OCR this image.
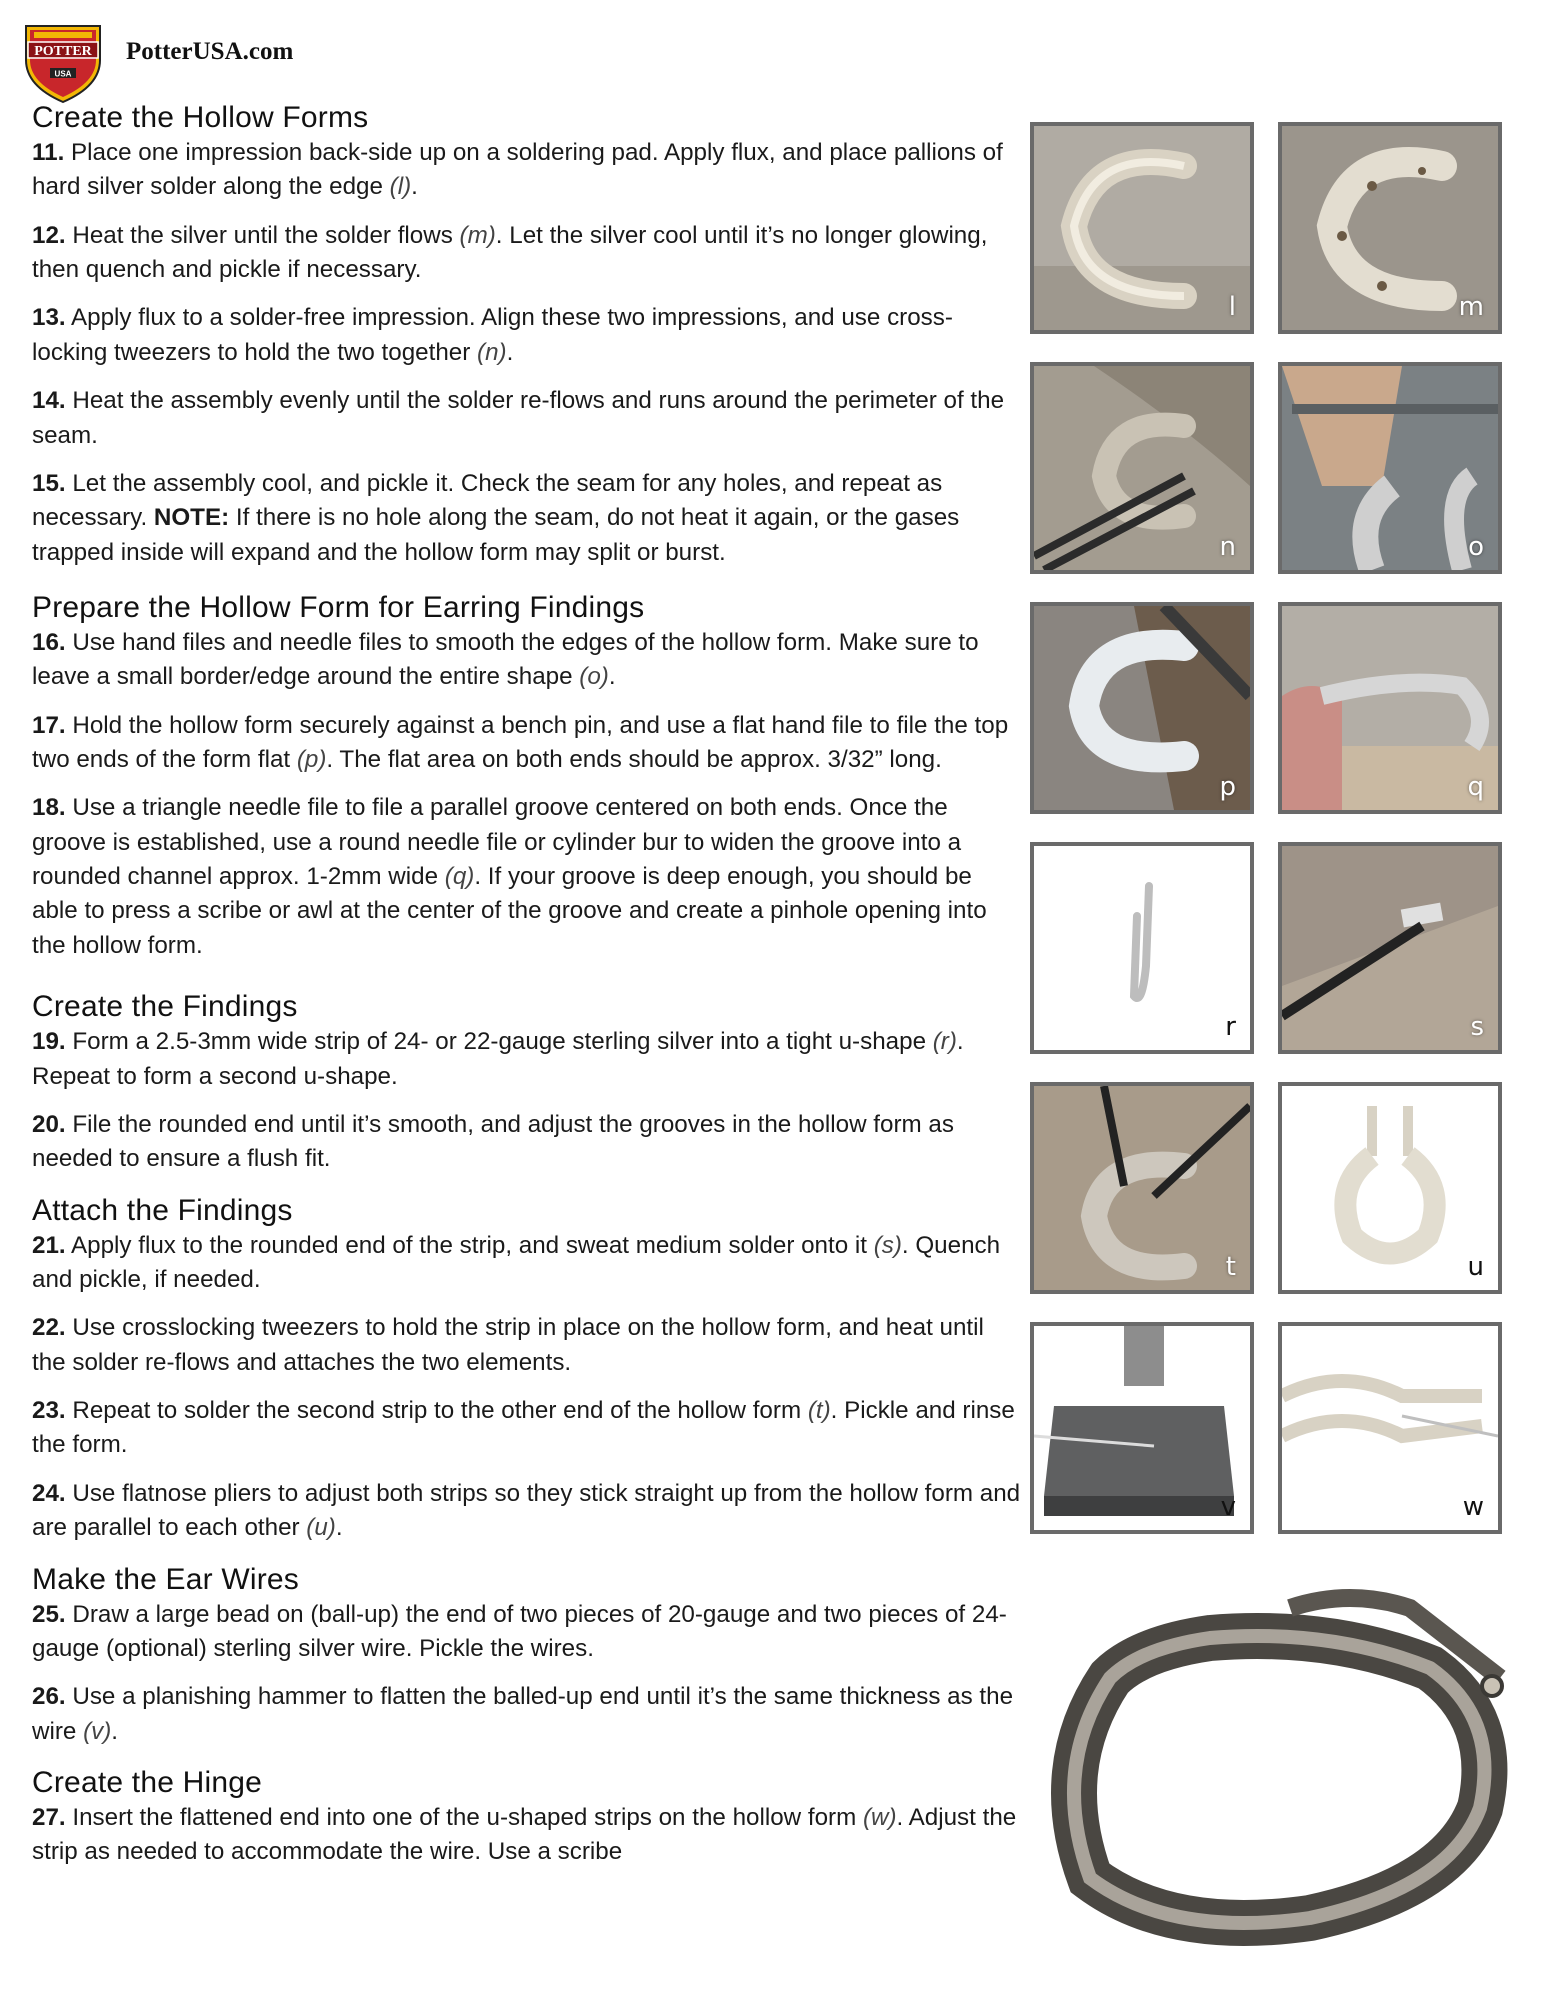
POTTER
USA
PotterUSA.com
Create the Hollow Forms

11. Place one impression back-side up on a soldering pad. Apply flux, and place pallions of hard silver solder along the edge (l).

12. Heat the silver until the solder flows (m). Let the silver cool until it’s no longer glowing, then quench and pickle if necessary.

13. Apply flux to a solder-free impression. Align these two impressions, and use cross-locking tweezers to hold the two together (n).

14. Heat the assembly evenly until the solder re-flows and runs around the perimeter of the seam.

15. Let the assembly cool, and pickle it. Check the seam for any holes, and repeat as necessary. NOTE: If there is no hole along the seam, do not heat it again, or the gases trapped inside will expand and the hollow form may split or burst.

Prepare the Hollow Form for Earring Findings

16. Use hand files and needle files to smooth the edges of the hollow form. Make sure to leave a small border/edge around the entire shape (o).

17. Hold the hollow form securely against a bench pin, and use a flat hand file to file the top two ends of the form flat (p). The flat area on both ends should be approx. 3/32” long.

18. Use a triangle needle file to file a parallel groove centered on both ends. Once the groove is established, use a round needle file or cylinder bur to widen the groove into a rounded channel approx. 1-2mm wide (q). If your groove is deep enough, you should be able to press a scribe or awl at the center of the groove and create a pinhole opening into the hollow form.

Create the Findings

19. Form a 2.5-3mm wide strip of 24- or 22-gauge sterling silver into a tight u-shape (r). Repeat to form a second u-shape.

20. File the rounded end until it’s smooth, and adjust the grooves in the hollow form as needed to ensure a flush fit.

Attach the Findings

21. Apply flux to the rounded end of the strip, and sweat medium solder onto it (s). Quench and pickle, if needed.

22. Use crosslocking tweezers to hold the strip in place on the hollow form, and heat until the solder re-flows and attaches the two elements.

23. Repeat to solder the second strip to the other end of the hollow form (t). Pickle and rinse the form.

24. Use flatnose pliers to adjust both strips so they stick straight up from the hollow form and are parallel to each other (u).

Make the Ear Wires

25. Draw a large bead on (ball-up) the end of two pieces of 20-gauge and two pieces of 24-gauge (optional) sterling silver wire. Pickle the wires.

26. Use a planishing hammer to flatten the balled-up end until it’s the same thickness as the wire (v).

Create the Hinge

27. Insert the flattened end into one of the u-shaped strips on the hollow form (w). Adjust the strip as needed to accommodate the wire. Use a scribe

l	m
n	o
p	q
r	s
t	u
v	w
